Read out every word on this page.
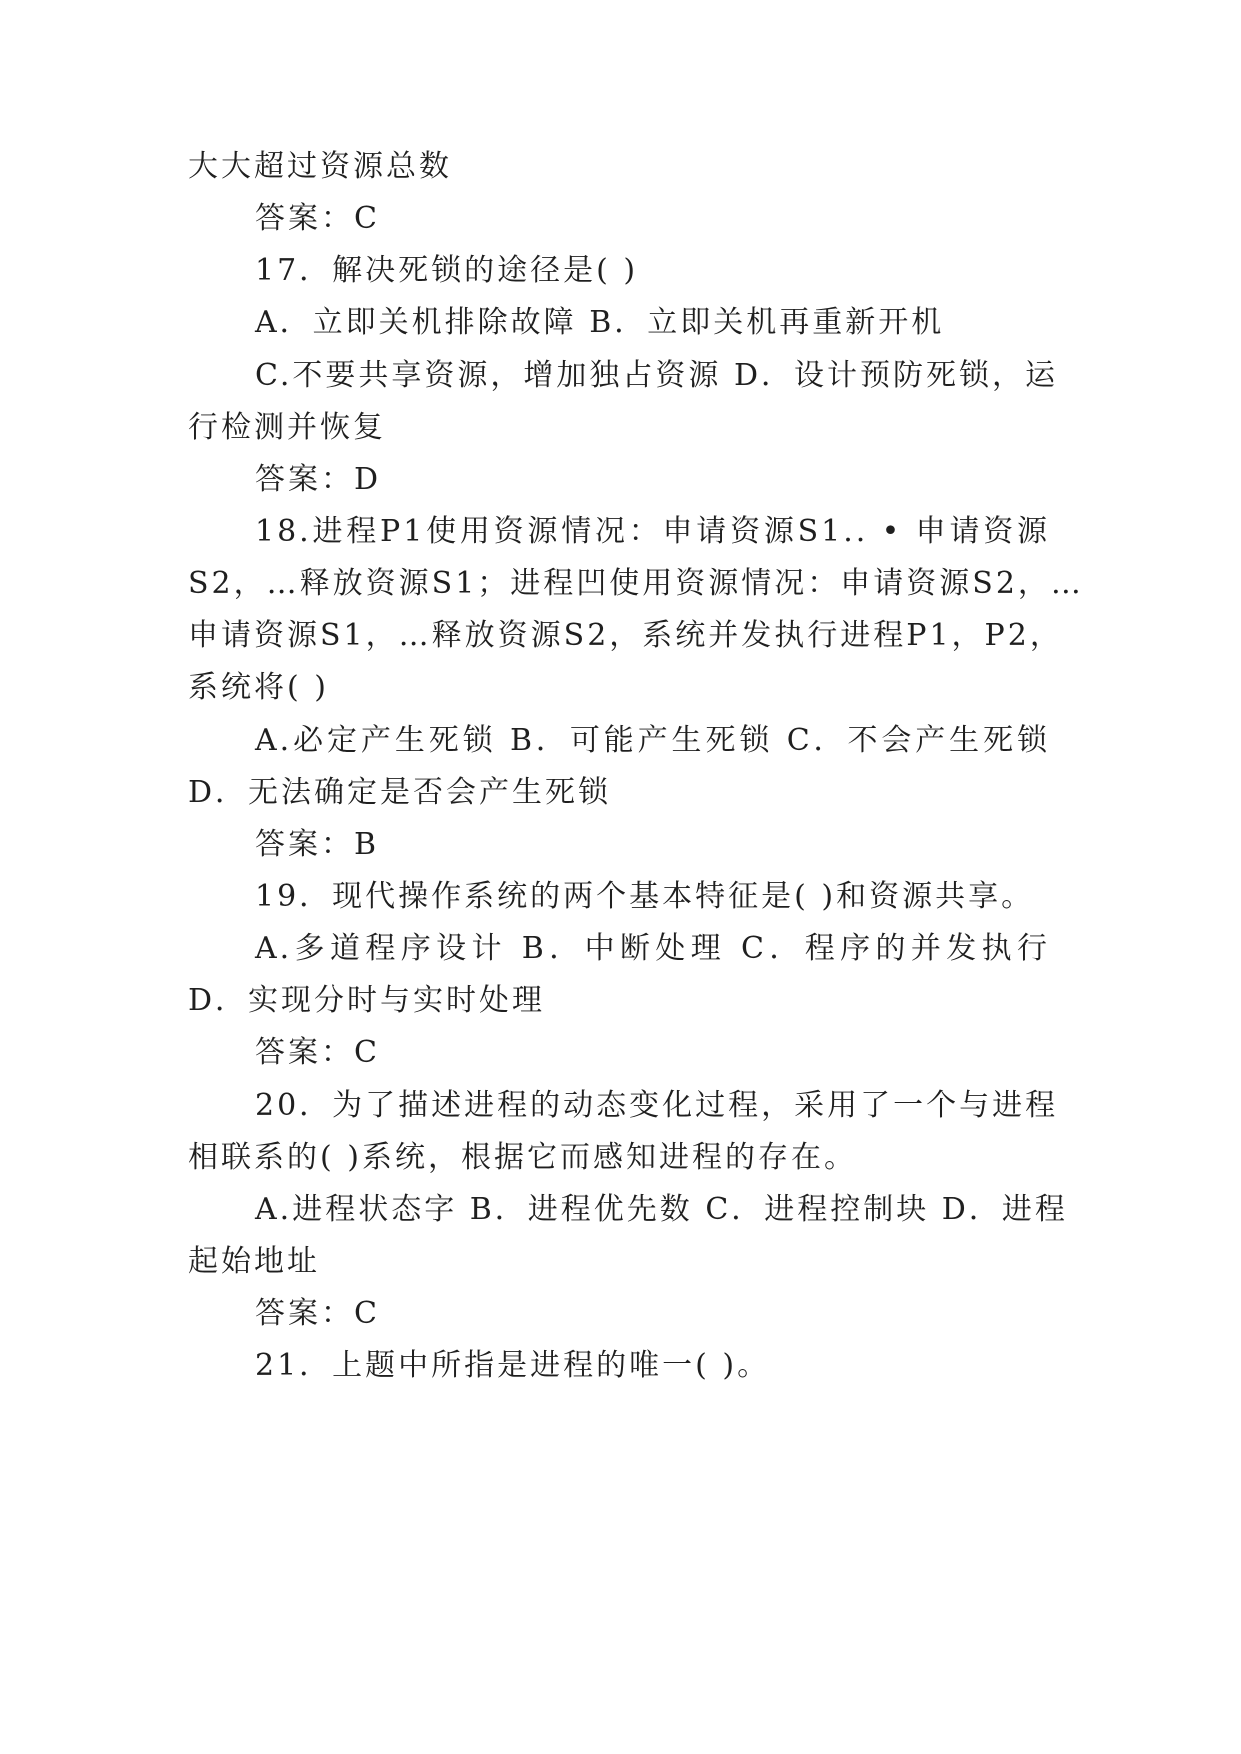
大大超过资源总数
答案：C
17．解决死锁的途径是( )
A．立即关机排除故障 B．立即关机再重新开机
C.不要共享资源，增加独占资源 D．设计预防死锁，运
行检测并恢复
答案：D
18.进程P1使用资源情况：申请资源S1.. • 申请资源
S2，…释放资源S1；进程凹使用资源情况：申请资源S2，…
申请资源S1，…释放资源S2，系统并发执行进程P1，P2，
系统将( )
A.必定产生死锁 B．可能产生死锁 C．不会产生死锁
D．无法确定是否会产生死锁
答案：B
19．现代操作系统的两个基本特征是( )和资源共享。
A.多道程序设计 B．中断处理 C．程序的并发执行
D．实现分时与实时处理
答案：C
20．为了描述进程的动态变化过程，采用了一个与进程
相联系的( )系统，根据它而感知进程的存在。
A.进程状态字 B．进程优先数 C．进程控制块 D．进程
起始地址
答案：C
21．上题中所指是进程的唯一( )。
